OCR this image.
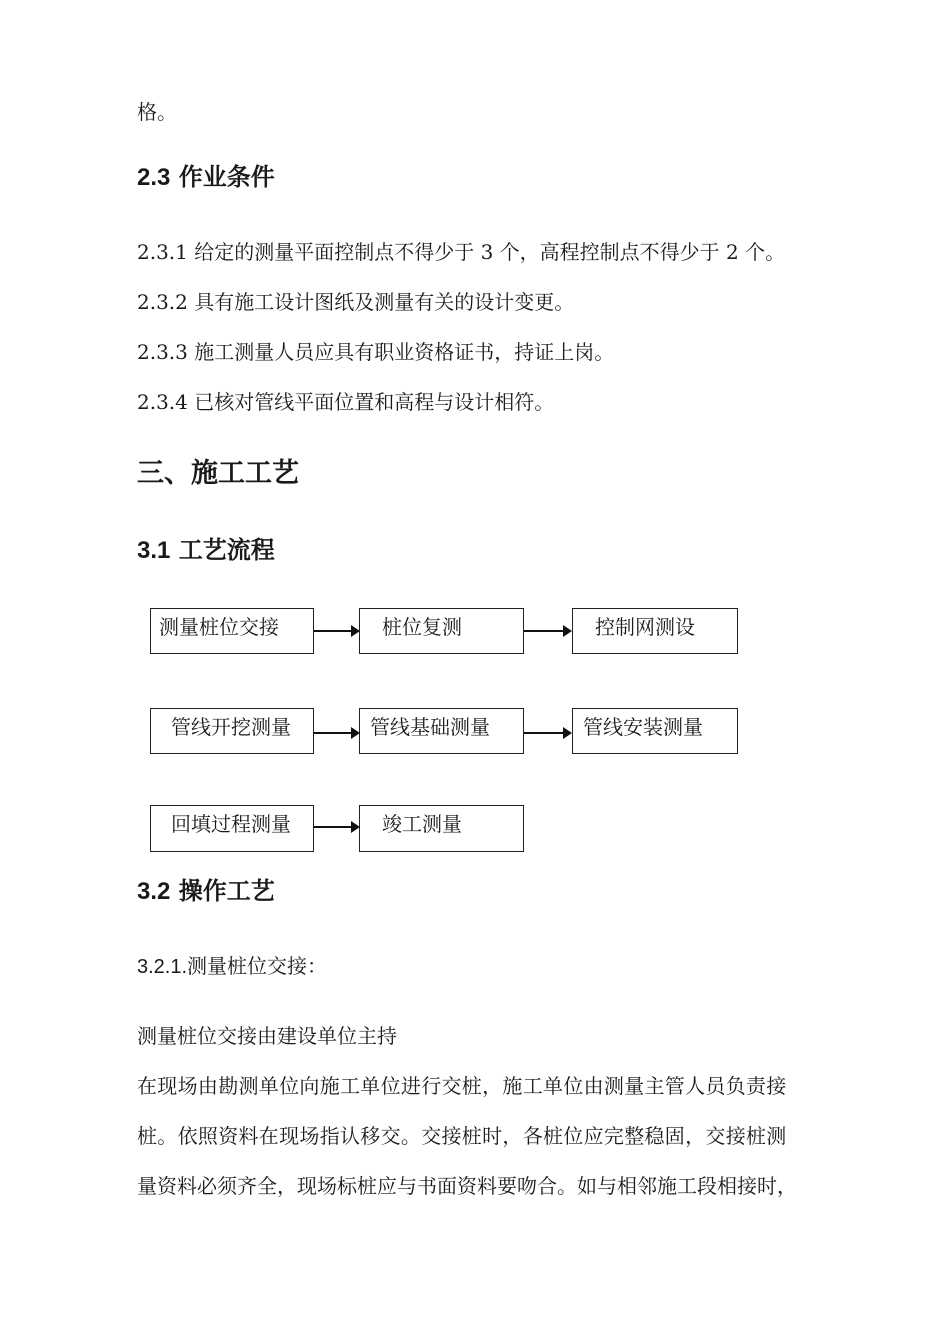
格。

2.3 作业条件

2.3.1 给定的测量平面控制点不得少于 3 个，高程控制点不得少于 2 个。

2.3.2 具有施工设计图纸及测量有关的设计变更。

2.3.3 施工测量人员应具有职业资格证书，持证上岗。

2.3.4 已核对管线平面位置和高程与设计相符。

三、施工工艺
3.1 工艺流程
测量桩位交接	桩位复测	控制网测设
管线开挖测量	管线基础测量	管线安装测量
回填过程测量	竣工测量
3.2 操作工艺

3.2.1.测量桩位交接：

测量桩位交接由建设单位主持

在现场由勘测单位向施工单位进行交桩，施工单位由测量主管人员负责接

桩。依照资料在现场指认移交。交接桩时，各桩位应完整稳固，交接桩测

量资料必须齐全，现场标桩应与书面资料要吻合。如与相邻施工段相接时，
